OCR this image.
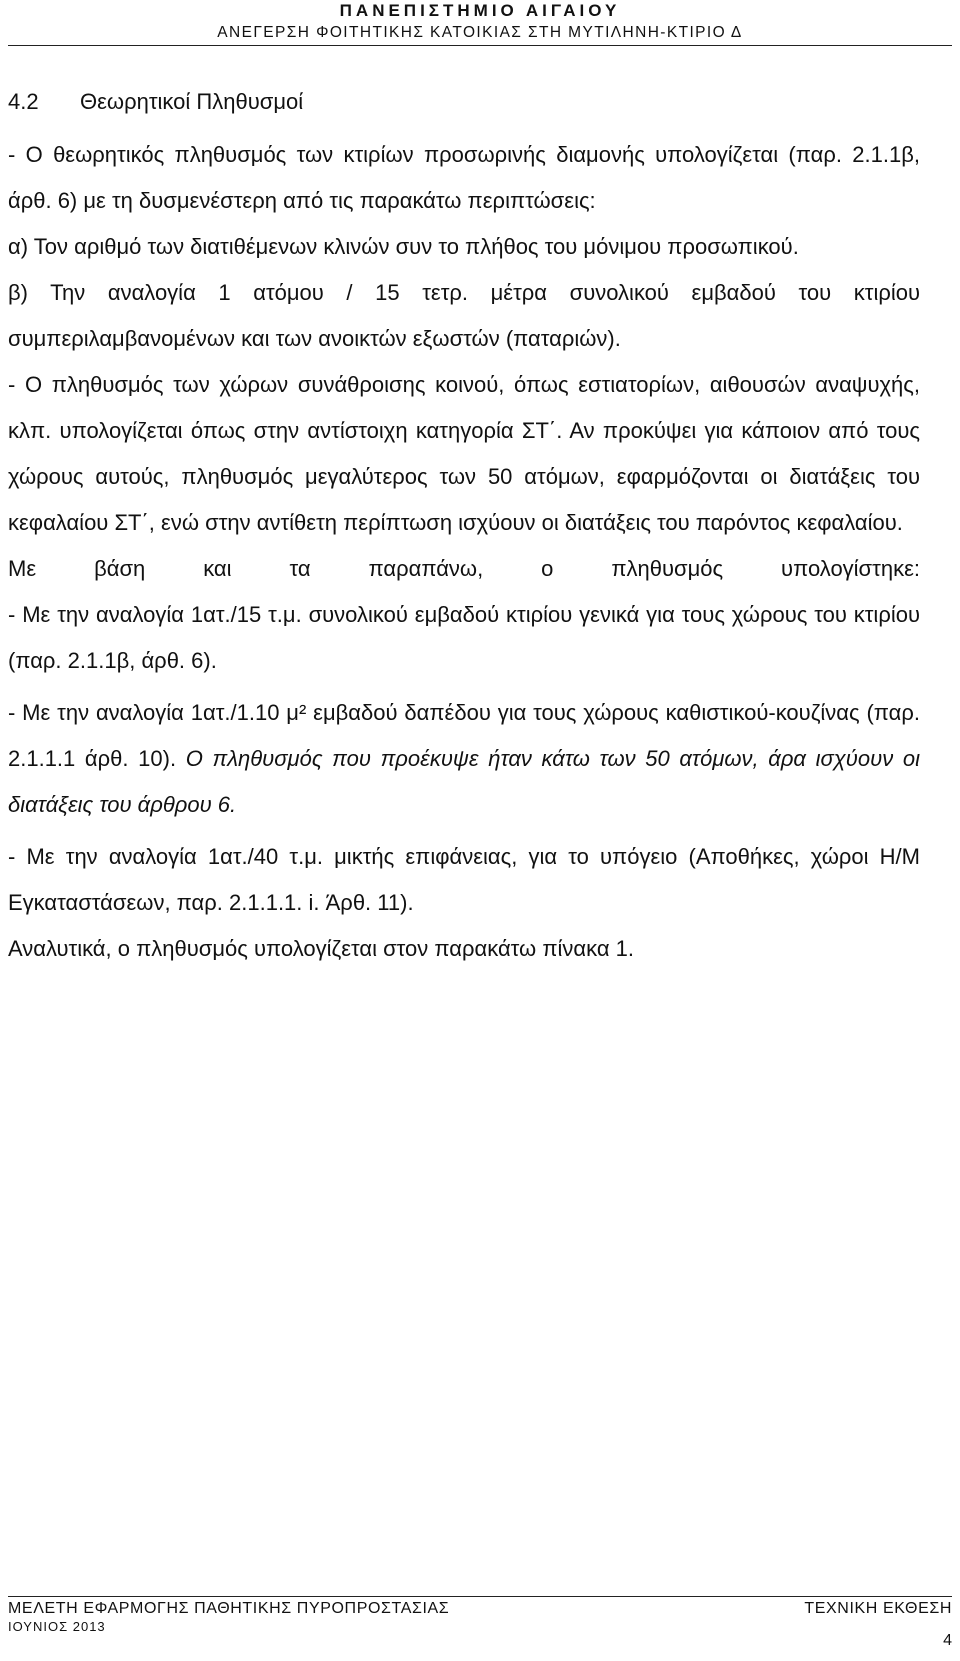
ΠΑΝΕΠΙΣΤΗΜΙΟ ΑΙΓΑΙΟΥ
ΑΝΕΓΕΡΣΗ ΦΟΙΤΗΤΙΚΗΣ ΚΑΤΟΙΚΙΑΣ ΣΤΗ ΜΥΤΙΛΗΝΗ-ΚΤΙΡΙΟ Δ
4.2	Θεωρητικοί Πληθυσμοί

- Ο θεωρητικός πληθυσμός των κτιρίων προσωρινής διαμονής υπολογίζεται (παρ. 2.1.1β, άρθ. 6) με τη δυσμενέστερη από τις παρακάτω περιπτώσεις:

α) Τον αριθμό των διατιθέμενων κλινών συν το πλήθος του μόνιμου προσωπικού.

β) Την αναλογία 1 ατόμου / 15 τετρ. μέτρα συνολικού εμβαδού του κτιρίου συμπεριλαμβανομένων και των ανοικτών εξωστών (παταριών).

- Ο πληθυσμός των χώρων συνάθροισης κοινού, όπως εστιατορίων, αιθουσών αναψυχής, κλπ. υπολογίζεται όπως στην αντίστοιχη κατηγορία ΣΤ΄. Αν προκύψει για κάποιον από τους χώρους αυτούς, πληθυσμός μεγαλύτερος των 50 ατόμων, εφαρμόζονται οι διατάξεις του κεφαλαίου ΣΤ΄, ενώ στην αντίθετη περίπτωση ισχύουν οι διατάξεις του παρόντος κεφαλαίου.

Με βάση και τα παραπάνω, ο πληθυσμός υπολογίστηκε:

- Με την αναλογία 1ατ./15 τ.μ. συνολικού εμβαδού κτιρίου γενικά για τους χώρους του κτιρίου (παρ. 2.1.1β, άρθ. 6).

- Με την αναλογία 1ατ./1.10 μ² εμβαδού δαπέδου για τους χώρους καθιστικού-κουζίνας (παρ. 2.1.1.1 άρθ. 10). Ο πληθυσμός που προέκυψε ήταν κάτω των 50 ατόμων, άρα ισχύουν οι διατάξεις του άρθρου 6.

- Με την αναλογία 1ατ./40 τ.μ. μικτής επιφάνειας, για το υπόγειο (Αποθήκες, χώροι Η/Μ Εγκαταστάσεων, παρ. 2.1.1.1. i. Άρθ. 11).

Αναλυτικά, ο πληθυσμός υπολογίζεται στον παρακάτω πίνακα 1.

ΜΕΛΕΤΗ ΕΦΑΡΜΟΓΗΣ ΠΑΘΗΤΙΚΗΣ ΠΥΡΟΠΡΟΣΤΑΣΙΑΣ	ΤΕΧΝΙΚΗ ΕΚΘΕΣΗ
ΙΟΥΝΙΟΣ 2013
4
